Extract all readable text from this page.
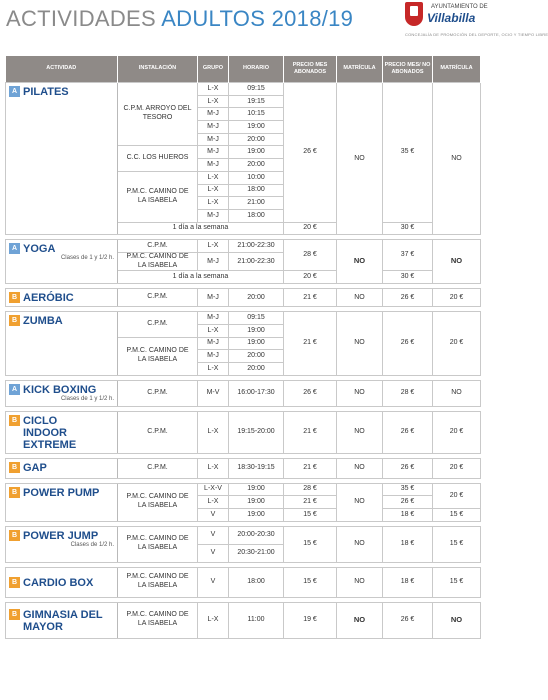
ACTIVIDADES ADULTOS 2018/19	AYUNTAMIENTO DE
Villabilla
CONCEJALÍA DE PROMOCIÓN DEL DEPORTE, OCIO Y TIEMPO LIBRE
ACTIVIDAD	INSTALACIÓN	GRUPO	HORARIO	PRECIO MES ABONADOS	MATRÍCULA	PRECIO MES/ NO ABONADOS	MATRÍCULA
A PILATES	C.P.M. ARROYO DEL TESORO	L-X	09:15	26 €	NO	35 €	NO
		L-X	19:15				
		M-J	10:15				
		M-J	19:00				
		M-J	20:00				
	C.C. LOS HUEROS	M-J	19:00				
		M-J	20:00				
	P.M.C. CAMINO DE LA ISABELA	L-X	10:00				
		L-X	18:00				
		L-X	21:00				
		M-J	18:00				
	1 día a la semana			20 €		30 €	

A YOGA
Clases de 1 y 1/2 h.	C.P.M.	L-X	21:00-22:30	28 €	NO	37 €	NO
	P.M.C. CAMINO DE LA ISABELA	M-J	21:00-22:30				
	1 día a la semana			20 €		30 €	

B AERÓBIC	C.P.M.	M-J	20:00	21 €	NO	26 €	20 €

B ZUMBA	C.P.M.	M-J	09:15	21 €	NO	26 €	20 €
		L-X	19:00				
	P.M.C. CAMINO DE LA ISABELA	M-J	19:00				
		M-J	20:00				
		L-X	20:00				

A KICK BOXING
Clases de 1 y 1/2 h.	C.P.M.	M-V	16:00-17:30	26 €	NO	28 €	NO

B CICLO INDOOR EXTREME	C.P.M.	L-X	19:15-20:00	21 €	NO	26 €	20 €

B GAP	C.P.M.	L-X	18:30-19:15	21 €	NO	26 €	20 €

B POWER PUMP	P.M.C. CAMINO DE LA ISABELA	L-X-V	19:00	28 €	NO	35 €	20 €
		L-X	19:00	21 €		26 €	
		V	19:00	15 €		18 €	15 €

B POWER JUMP
Clases de 1/2 h.	P.M.C. CAMINO DE LA ISABELA	V	20:00-20:30	15 €	NO	18 €	15 €
		V	20:30-21:00				

B CARDIO BOX	P.M.C. CAMINO DE LA ISABELA	V	18:00	15 €	NO	18 €	15 €

B GIMNASIA DEL MAYOR	P.M.C. CAMINO DE LA ISABELA	L-X	11:00	19 €	NO	26 €	NO
